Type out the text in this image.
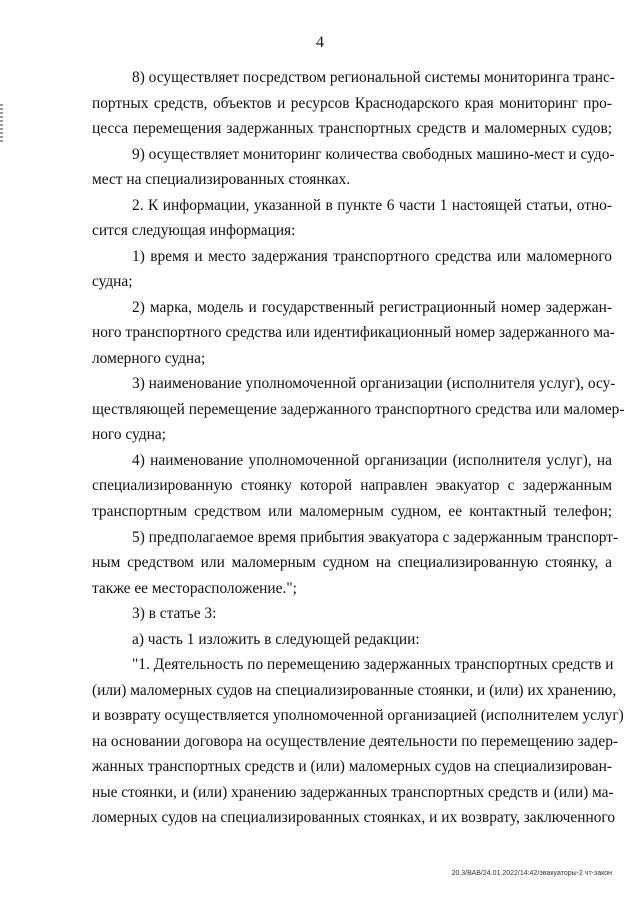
4
8) осуществляет посредством региональной системы мониторинга транс-
портных средств, объектов и ресурсов Краснодарского края мониторинг про-
цесса перемещения задержанных транспортных средств и маломерных судов;
9) осуществляет мониторинг количества свободных машино-мест и судо-
мест на специализированных стоянках.
2. К информации, указанной в пункте 6 части 1 настоящей статьи, отно-
сится следующая информация:
1) время и место задержания транспортного средства или маломерного
судна;
2) марка, модель и государственный регистрационный номер задержан-
ного транспортного средства или идентификационный номер задержанного ма-
ломерного судна;
3) наименование уполномоченной организации (исполнителя услуг), осу-
ществляющей перемещение задержанного транспортного средства или маломер-
ного судна;
4) наименование уполномоченной организации (исполнителя услуг), на
специализированную стоянку которой направлен эвакуатор с задержанным
транспортным средством или маломерным судном, ее контактный телефон;
5) предполагаемое время прибытия эвакуатора с задержанным транспорт-
ным средством или маломерным судном на специализированную стоянку, а
также ее месторасположение.";
3) в статье 3:
а) часть 1 изложить в следующей редакции:
"1. Деятельность по перемещению задержанных транспортных средств и
(или) маломерных судов на специализированные стоянки, и (или) их хранению,
и возврату осуществляется уполномоченной организацией (исполнителем услуг)
на основании договора на осуществление деятельности по перемещению задер-
жанных транспортных средств и (или) маломерных судов на специализирован-
ные стоянки, и (или) хранению задержанных транспортных средств и (или) ма-
ломерных судов на специализированных стоянках, и их возврату, заключенного
20.3/ВАВ/24.01.2022/14:42/эвакуаторы-2 чт-закон
